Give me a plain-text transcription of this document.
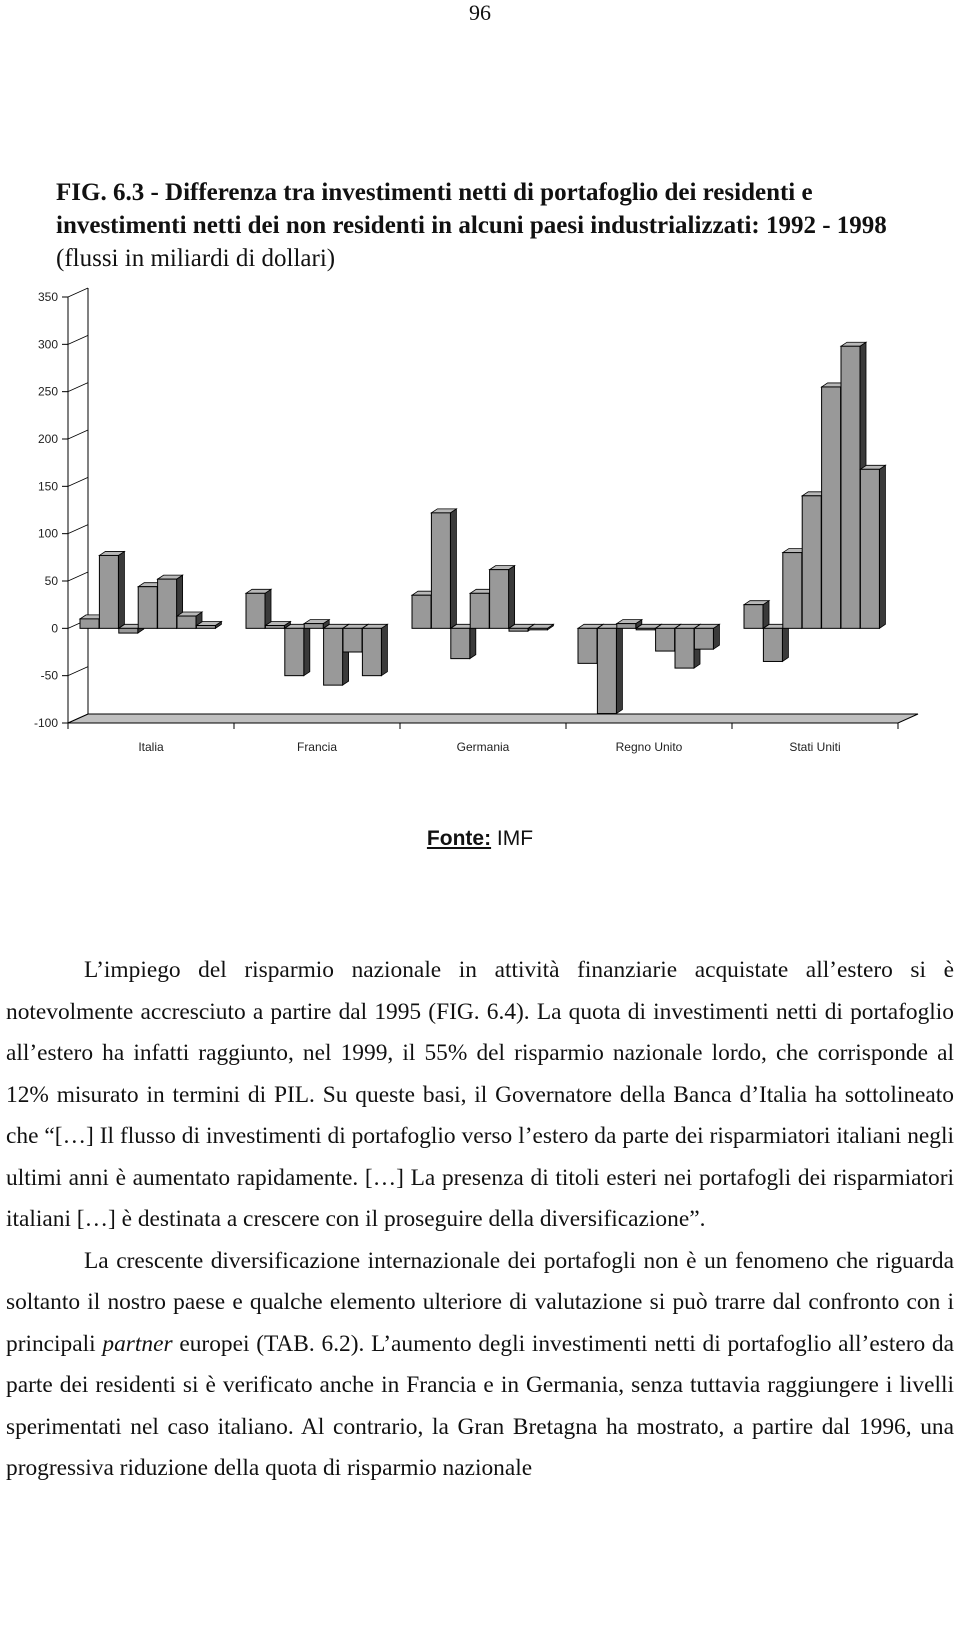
96
FIG. 6.3 - Differenza tra investimenti netti di portafoglio dei residenti e investimenti netti dei non residenti in alcuni paesi industrializzati: 1992 - 1998 (flussi in miliardi di dollari)
-100
-50
0
50
100
150
200
250
300
350
Italia	Francia	Germania	Regno Unito	Stati Uniti
Fonte: IMF

L’impiego del risparmio nazionale in attività finanziarie acquistate all’estero si è notevolmente accresciuto a partire dal 1995 (FIG. 6.4). La quota di investimenti netti di portafoglio all’estero ha infatti raggiunto, nel 1999, il 55% del risparmio nazionale lordo, che corrisponde al 12% misurato in termini di PIL. Su queste basi, il Governatore della Banca d’Italia ha sottolineato che “[…] Il flusso di investimenti di portafoglio verso l’estero da parte dei risparmiatori italiani negli ultimi anni è aumentato rapidamente. […] La presenza di titoli esteri nei portafogli dei risparmiatori italiani […] è destinata a crescere con il proseguire della diversificazione”.

La crescente diversificazione internazionale dei portafogli non è un fenomeno che riguarda soltanto il nostro paese e qualche elemento ulteriore di valutazione si può trarre dal confronto con i principali partner europei (TAB. 6.2). L’aumento degli investimenti netti di portafoglio all’estero da parte dei residenti si è verificato anche in Francia e in Germania, senza tuttavia raggiungere i livelli sperimentati nel caso italiano. Al contrario, la Gran Bretagna ha mostrato, a partire dal 1996, una progressiva riduzione della quota di risparmio nazionale
